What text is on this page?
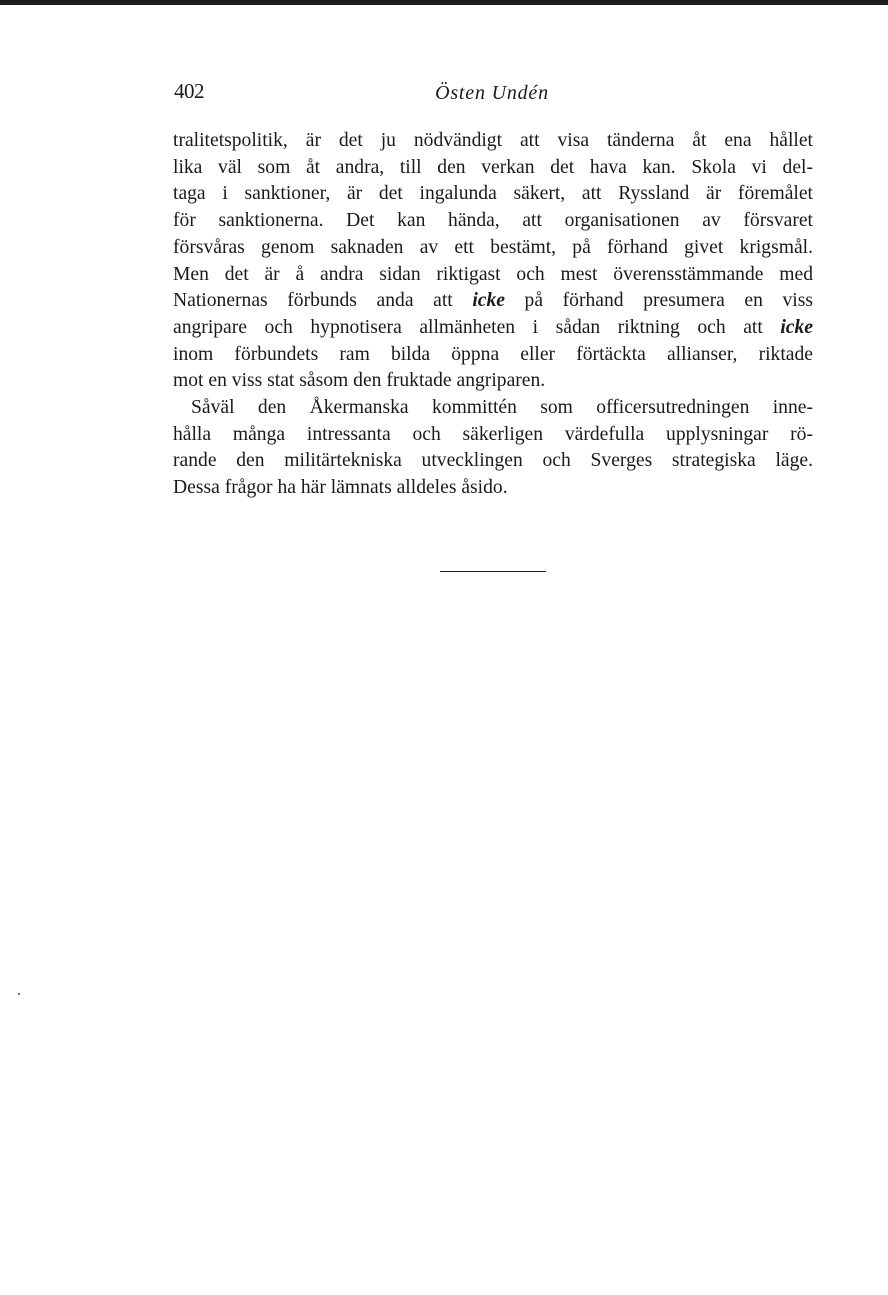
402	Östen Undén
tralitetspolitik, är det ju nödvändigt att visa tänderna åt ena hållet
lika väl som åt andra, till den verkan det hava kan. Skola vi del-
taga i sanktioner, är det ingalunda säkert, att Ryssland är föremålet
för sanktionerna. Det kan hända, att organisationen av försvaret
försvåras genom saknaden av ett bestämt, på förhand givet krigsmål.
Men det är å andra sidan riktigast och mest överensstämmande med
Nationernas förbunds anda att icke på förhand presumera en viss
angripare och hypnotisera allmänheten i sådan riktning och att icke
inom förbundets ram bilda öppna eller förtäckta allianser, riktade
mot en viss stat såsom den fruktade angriparen.
Såväl den Åkermanska kommittén som officersutredningen inne-
hålla många intressanta och säkerligen värdefulla upplysningar rö-
rande den militärtekniska utvecklingen och Sverges strategiska läge.
Dessa frågor ha här lämnats alldeles åsido.
